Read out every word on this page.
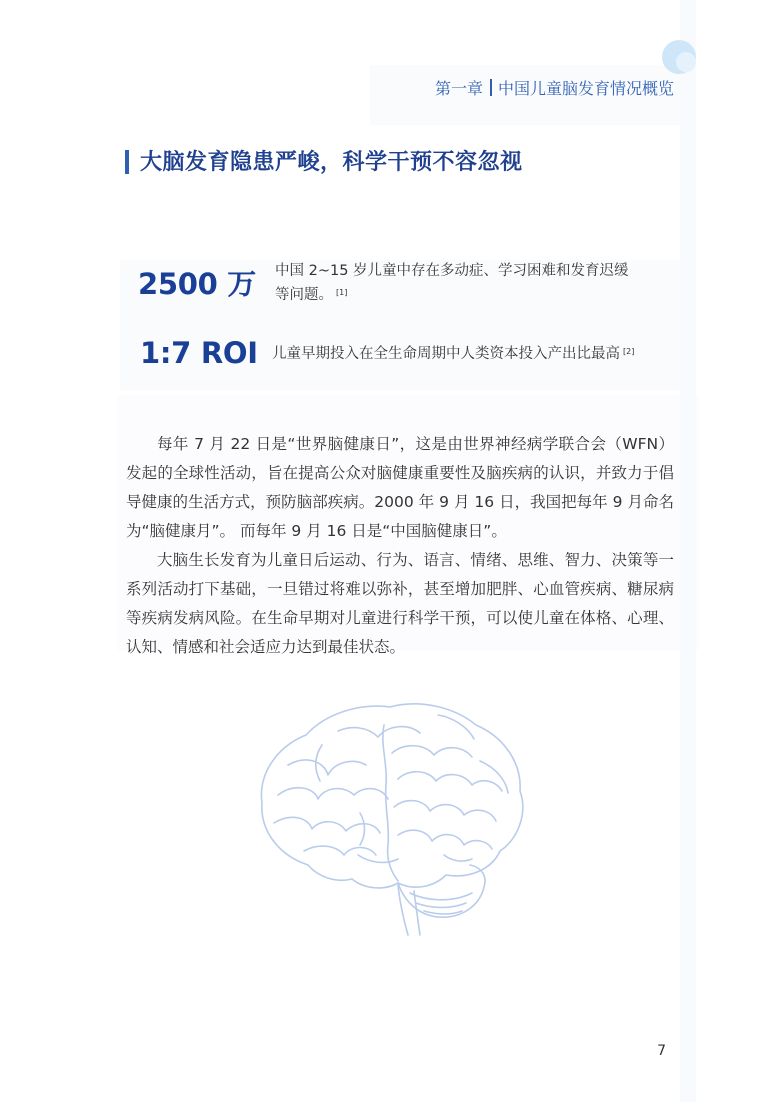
第一章 中国儿童脑发育情况概览
大脑发育隐患严峻，科学干预不容忽视
2500 万 中国 2~15 岁儿童中存在多动症、学习困难和发育迟缓
等问题。 [1]
1:7 ROI 儿童早期投入在全生命周期中人类资本投入产出比最高 [2]

每年 7 月 22 日是“世界脑健康日”，这是由世界神经病学联合会（WFN）发起的全球性活动，旨在提高公众对脑健康重要性及脑疾病的认识，并致力于倡导健康的生活方式，预防脑部疾病。2000 年 9 月 16 日，我国把每年 9 月命名为“脑健康月”。 而每年 9 月 16 日是“中国脑健康日”。

大脑生长发育为儿童日后运动、行为、语言、情绪、思维、智力、决策等一系列活动打下基础，一旦错过将难以弥补，甚至增加肥胖、心血管疾病、糖尿病等疾病发病风险。在生命早期对儿童进行科学干预，可以使儿童在体格、心理、认知、情感和社会适应力达到最佳状态。

7
